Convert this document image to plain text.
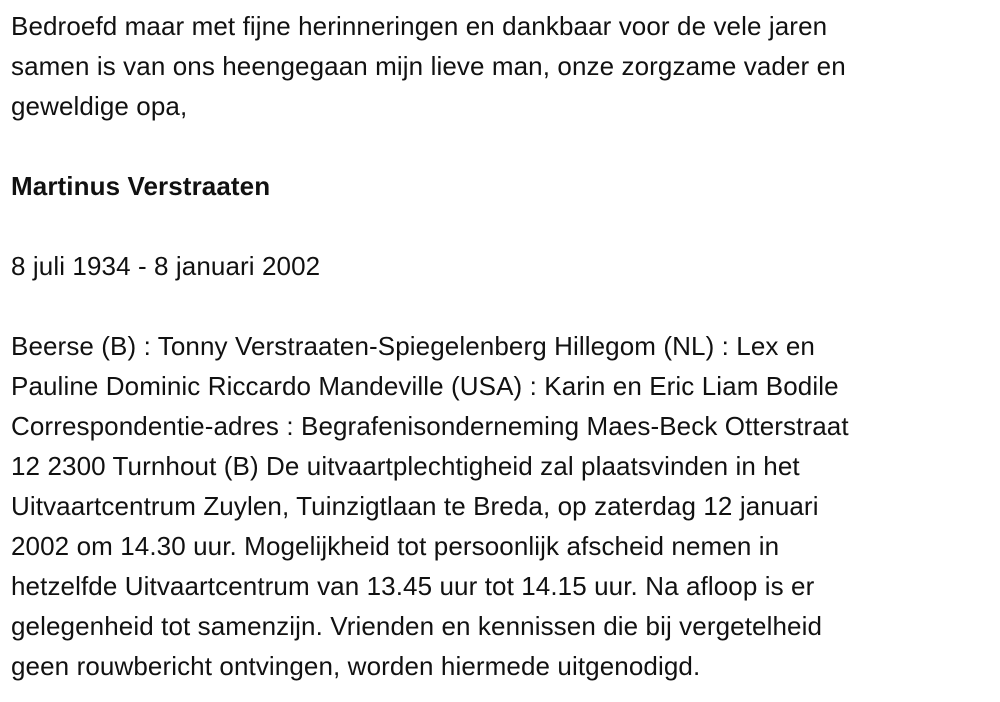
Bedroefd maar met fijne herinneringen en dankbaar voor de vele jaren
samen is van ons heengegaan mijn lieve man, onze zorgzame vader en
geweldige opa,

Martinus Verstraaten

8 juli 1934 - 8 januari 2002

Beerse (B) : Tonny Verstraaten-Spiegelenberg Hillegom (NL) : Lex en
Pauline Dominic Riccardo Mandeville (USA) : Karin en Eric Liam Bodile
Correspondentie-adres : Begrafenisonderneming Maes-Beck Otterstraat
12 2300 Turnhout (B) De uitvaartplechtigheid zal plaatsvinden in het
Uitvaartcentrum Zuylen, Tuinzigtlaan te Breda, op zaterdag 12 januari
2002 om 14.30 uur. Mogelijkheid tot persoonlijk afscheid nemen in
hetzelfde Uitvaartcentrum van 13.45 uur tot 14.15 uur. Na afloop is er
gelegenheid tot samenzijn. Vrienden en kennissen die bij vergetelheid
geen rouwbericht ontvingen, worden hiermede uitgenodigd.
